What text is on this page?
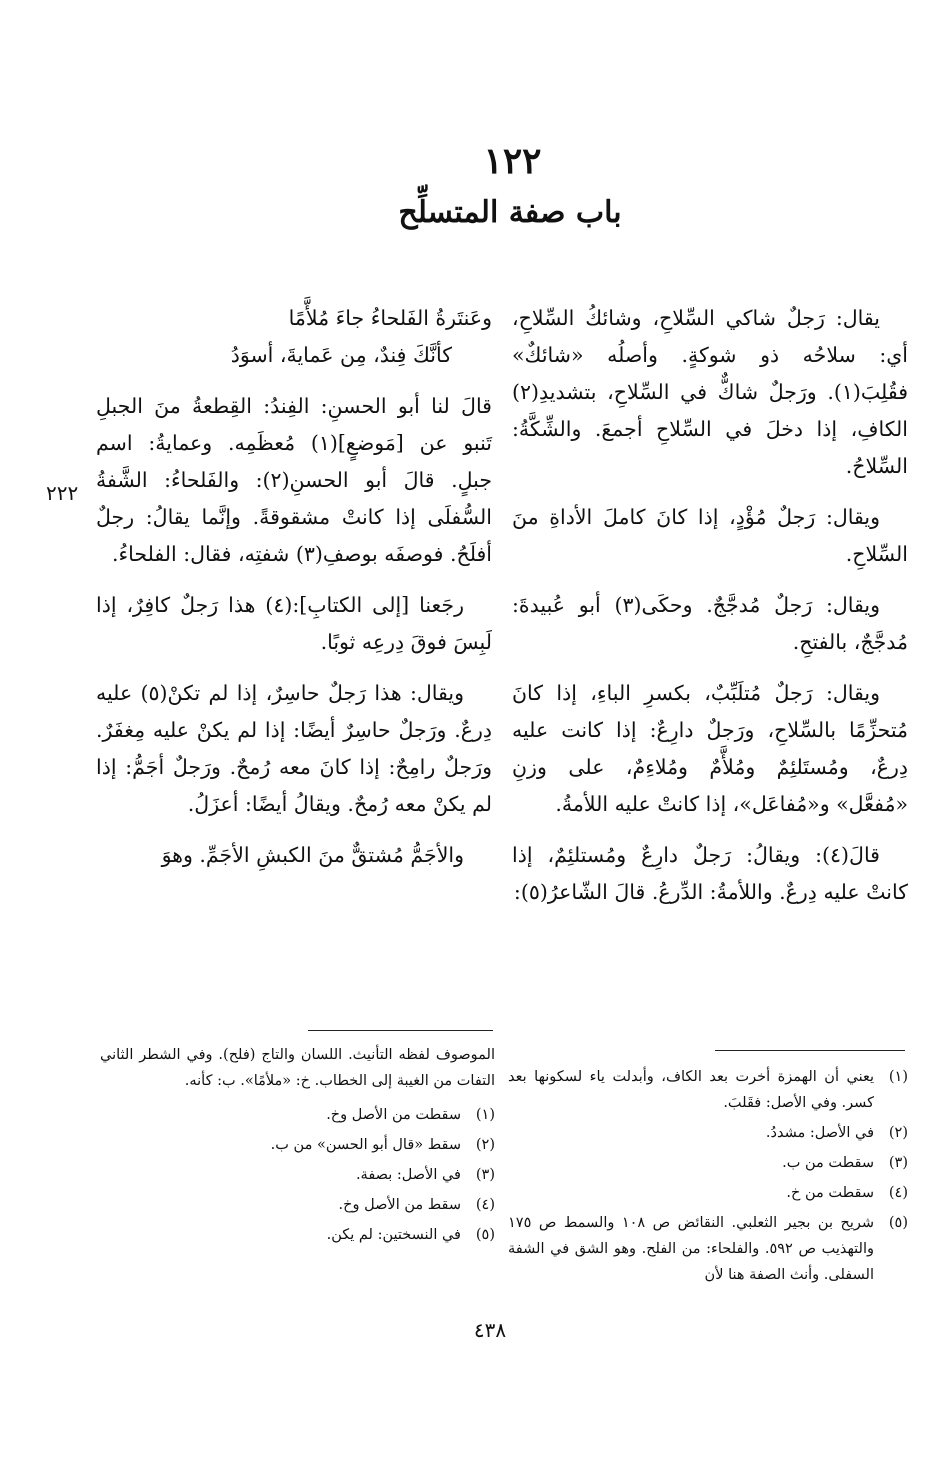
١٢٢
باب صفة المتسلِّح

يقال: رَجلٌ شاكي السِّلاحِ، وشائكُ السِّلاحِ، أي: سلاحُه ذو شوكةٍ. وأصلُه «شائكٌ» فقُلِبَ(١). ورَجلٌ شاكٌّ في السِّلاحِ، بتشديدِ(٢) الكافِ، إذا دخلَ في السِّلاحِ أجمعَ. والشِّكَّةُ: السِّلاحُ.

ويقال: رَجلٌ مُؤْدٍ، إذا كانَ كاملَ الأداةِ منَ السِّلاحِ.

ويقال: رَجلٌ مُدجَّجٌ. وحكَى(٣) أبو عُبيدةَ: مُدجَّجٌ، بالفتحِ.

ويقال: رَجلٌ مُتلَبِّبٌ، بكسرِ الباءِ، إذا كانَ مُتحزِّمًا بالسِّلاحِ، ورَجلٌ دارِعٌ: إذا كانت عليه دِرعٌ، ومُستَلئِمٌ ومُلأَّمٌ ومُلاءِمٌ، على وزنِ «مُفعَّل» و«مُفاعَل»، إذا كانتْ عليه اللأمةُ.

قالَ(٤): ويقالُ: رَجلٌ دارِعٌ ومُستلئِمٌ، إذا كانتْ عليه دِرعٌ. واللأمةُ: الدِّرعُ. قالَ الشّاعرُ(٥):

وعَنتَرةُ الفَلحاءُ جاءَ مُلأَّمًا
كأنَّكَ فِندٌ، مِن عَمايةَ، أسوَدُ

قالَ لنا أبو الحسنِ: الفِندُ: القِطعةُ منَ الجبلِ تَنبو عن [مَوضعٍ](١) مُعظَمِه. وعمايةُ: اسم جبلٍ. قالَ أبو الحسنِ(٢): والفَلحاءُ: الشَّفةُ السُّفلَى إذا كانتْ مشقوقةً. وإنَّما يقالُ: رجلٌ أفلَحُ. فوصفَه بوصفِ(٣) شفتِه، فقال: الفلحاءُ.

رجَعنا [إلى الكتابِ]:(٤) هذا رَجلٌ كافِرٌ، إذا لَبِسَ فوقَ دِرعِه ثوبًا.

ويقال: هذا رَجلٌ حاسِرٌ، إذا لم تكنْ(٥) عليه دِرعٌ. ورَجلٌ حاسِرٌ أيضًا: إذا لم يكنْ عليه مِغفَرٌ. ورَجلٌ رامِحٌ: إذا كانَ معه رُمحٌ. ورَجلٌ أجَمُّ: إذا لم يكنْ معه رُمحٌ. ويقالُ أيضًا: أعزَلُ.

والأجَمُّ مُشتقٌّ منَ الكبشِ الأجَمِّ. وهوَ

٢٢٢
(١)
يعني أن الهمزة أخرت بعد الكاف، وأبدلت ياء لسكونها بعد كسر. وفي الأصل: فقَلبَ.
(٢)
في الأصل: مشددُ.
(٣)
سقطت من ب.
(٤)
سقطت من خ.
(٥)
شريح بن بجير الثعلبي. النقائض ص ١٠٨ والسمط ص ١٧٥ والتهذيب ص ٥٩٢. والفلحاء: من الفلح. وهو الشق في الشفة السفلى. وأنث الصفة هنا لأن
الموصوف لفظه التأنيث. اللسان والتاج (فلح). وفي الشطر الثاني التفات من الغيبة إلى الخطاب. خ: «ملأمًا». ب: كأنه.
(١)
سقطت من الأصل وخ.
(٢)
سقط «قال أبو الحسن» من ب.
(٣)
في الأصل: بصفة.
(٤)
سقط من الأصل وخ.
(٥)
في النسختين: لم يكن.
٤٣٨
